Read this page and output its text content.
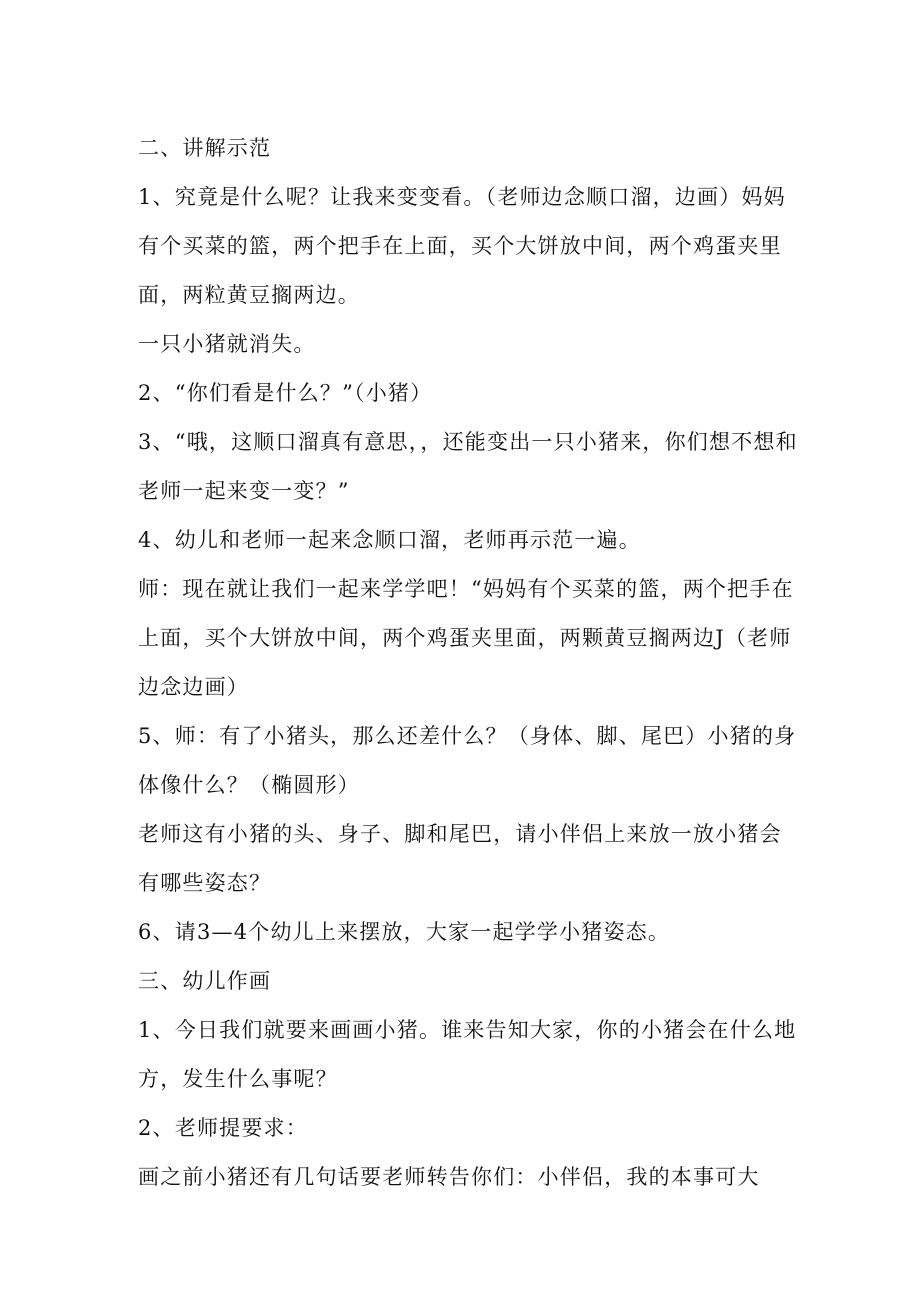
二、讲解示范

1、究竟是什么呢？让我来变变看。（老师边念顺口溜，边画）妈妈有个买菜的篮，两个把手在上面，买个大饼放中间，两个鸡蛋夹里面，两粒黄豆搁两边。

一只小猪就消失。

2、“你们看是什么？”（小猪）

3、“哦，这顺口溜真有意思，，还能变出一只小猪来，你们想不想和老师一起来变一变？”

4、幼儿和老师一起来念顺口溜，老师再示范一遍。

师：现在就让我们一起来学学吧！“妈妈有个买菜的篮，两个把手在上面，买个大饼放中间，两个鸡蛋夹里面，两颗黄豆搁两边J（老师边念边画）

5、师：有了小猪头，那么还差什么？（身体、脚、尾巴）小猪的身体像什么？（椭圆形）

老师这有小猪的头、身子、脚和尾巴，请小伴侣上来放一放小猪会有哪些姿态？

6、请3—4个幼儿上来摆放，大家一起学学小猪姿态。

三、幼儿作画

1、今日我们就要来画画小猪。谁来告知大家，你的小猪会在什么地方，发生什么事呢？

2、老师提要求：

画之前小猪还有几句话要老师转告你们：小伴侣，我的本事可大
